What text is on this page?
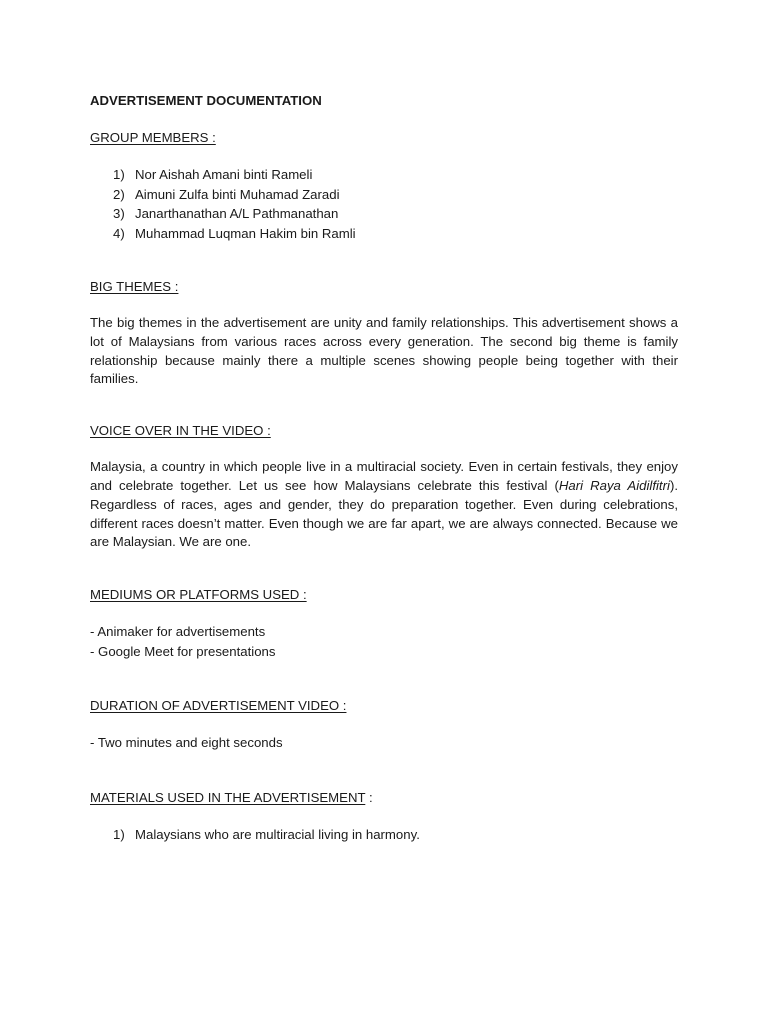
ADVERTISEMENT DOCUMENTATION

GROUP MEMBERS :

1) Nor Aishah Amani binti Rameli
2) Aimuni Zulfa binti Muhamad Zaradi
3) Janarthanathan A/L Pathmanathan
4) Muhammad Luqman Hakim bin Ramli

BIG THEMES :

The big themes in the advertisement are unity and family relationships. This advertisement shows a lot of Malaysians from various races across every generation. The second big theme is family relationship because mainly there a multiple scenes showing people being together with their families.

VOICE OVER IN THE VIDEO :

Malaysia, a country in which people live in a multiracial society. Even in certain festivals, they enjoy and celebrate together. Let us see how Malaysians celebrate this festival (Hari Raya Aidilfitri). Regardless of races, ages and gender, they do preparation together. Even during celebrations, different races doesn’t matter. Even though we are far apart, we are always connected. Because we are Malaysian. We are one.

MEDIUMS OR PLATFORMS USED :

- Animaker for advertisements
- Google Meet for presentations

DURATION OF ADVERTISEMENT VIDEO :

- Two minutes and eight seconds

MATERIALS USED IN THE ADVERTISEMENT :

1) Malaysians who are multiracial living in harmony.
